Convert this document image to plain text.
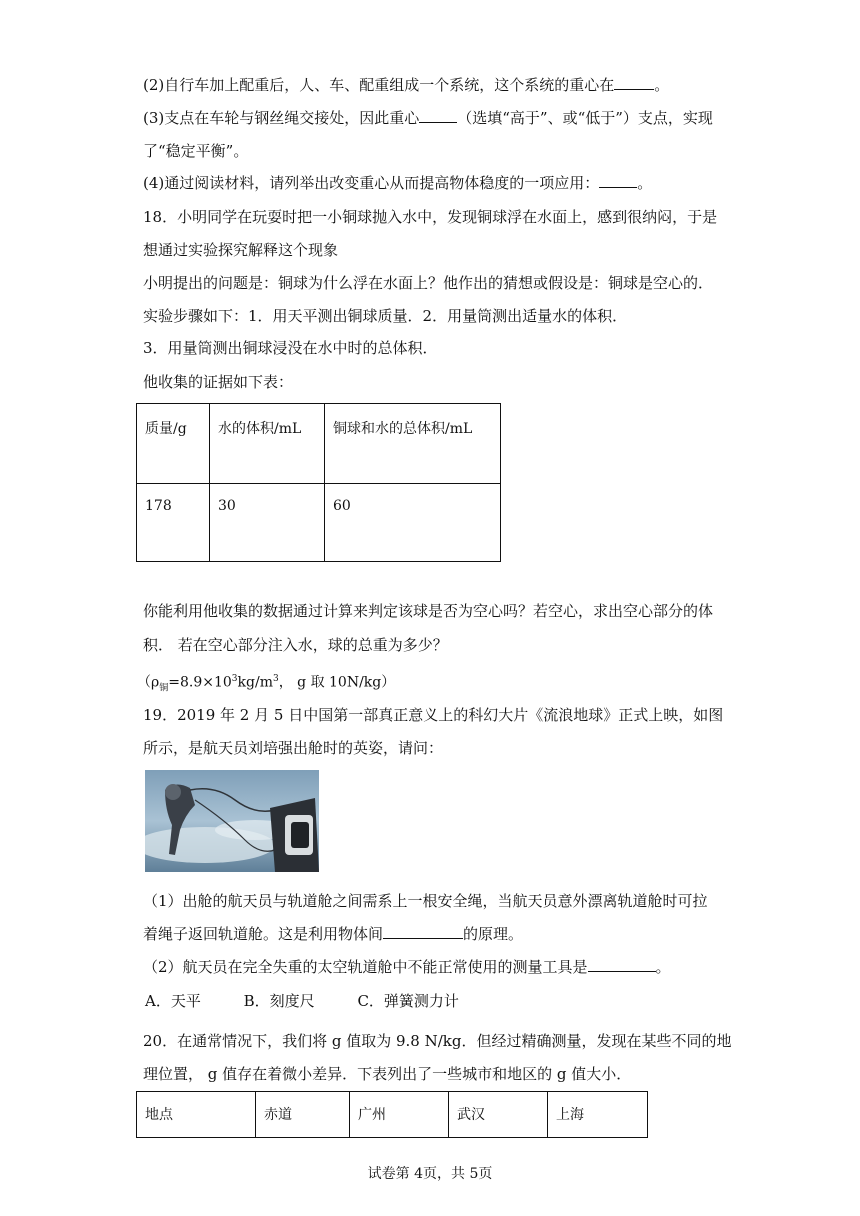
(2)自行车加上配重后，人、车、配重组成一个系统，这个系统的重心在	。
(3)支点在车轮与钢丝绳交接处，因此重心	（选填“高于”、或“低于”）支点，实现
了“稳定平衡”。
(4)通过阅读材料，请列举出改变重心从而提高物体稳度的一项应用：	。
18．小明同学在玩耍时把一小铜球抛入水中，发现铜球浮在水面上，感到很纳闷，于是
想通过实验探究解释这个现象
小明提出的问题是：铜球为什么浮在水面上？他作出的猜想或假设是：铜球是空心的．
实验步骤如下：1．用天平测出铜球质量．2．用量筒测出适量水的体积．
3．用量筒测出铜球浸没在水中时的总体积．
他收集的证据如下表：
质量/g	水的体积/mL	铜球和水的总体积/mL
178	30	60
你能利用他收集的数据通过计算来判定该球是否为空心吗？若空心，求出空心部分的体
积． 若在空心部分注入水，球的总重为多少？
（$\rho_铜=8.9\times 10^3kg/m^3$， g 取 10N/kg）
19．2019 年 2 月 5 日中国第一部真正意义上的科幻大片《流浪地球》正式上映，如图
所示，是航天员刘培强出舱时的英姿，请问：
（1）出舱的航天员与轨道舱之间需系上一根安全绳，当航天员意外漂离轨道舱时可拉
着绳子返回轨道舱。这是利用物体间	的原理。
（2）航天员在完全失重的太空轨道舱中不能正常使用的测量工具是	。
A．天平	B．刻度尺	C．弹簧测力计
20．在通常情况下，我们将 g 值取为 9.8 N/kg．但经过精确测量，发现在某些不同的地
理位置， g 值存在着微小差异．下表列出了一些城市和地区的 g 值大小．
地点	赤道	广州	武汉	上海
试卷第 4页，共 5页
